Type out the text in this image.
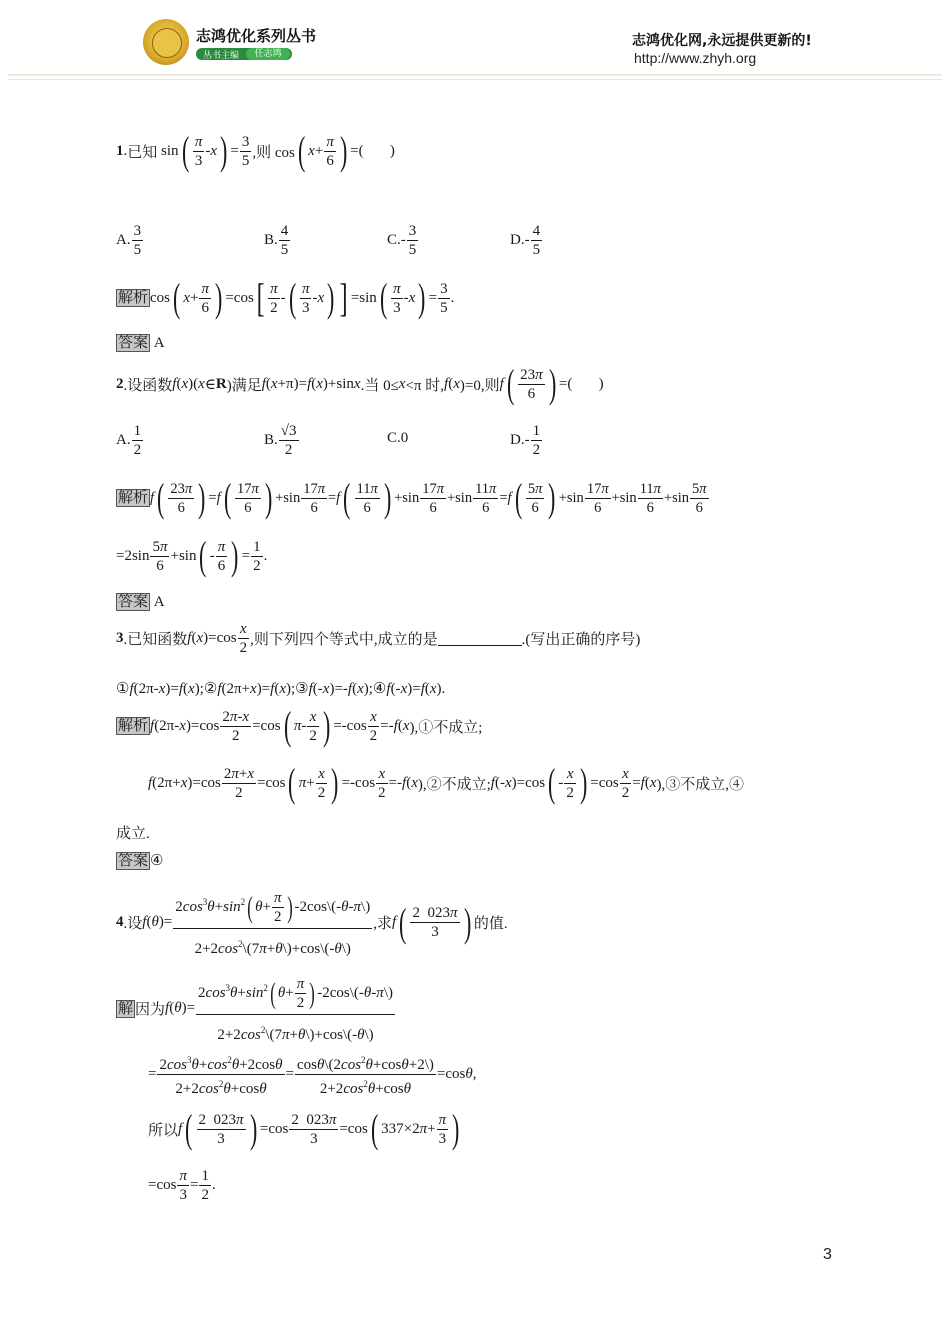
志鸿优化系列丛书
丛书主编	任志鸿
志鸿优化网,永远提供更新的!
http://www.zhyh.org
1 . 已知 sin ( π
3
- x ) =
3
5 ,则 cos ( x +
π
6 ) =(       )
A.
3
5
B.
4
5
C.-
3
5
D.-
4
5
解析 cos ( x +
π
6 ) =cos [ π
2
- ( π
3
- x ) ] =sin ( π
3
- x ) =
3
5
.
答案 A
2 .设函数 f ( x )( x ∈ R )满足 f ( x +π)= f ( x )+sin x .当 0≤ x <π 时, f ( x )=0,则 f ( 23π
6 ) =(       )
A.
1
2
B.
√3
2
C.0	D.-
1
2
解析 f ( 23π
6 ) = f ( 17π
6 ) +sin
17π
6
= f ( 11π
6 ) +sin
17π
6
+sin
11π
6
= f ( 5π
6 ) +sin
17π
6
+sin
11π
6
+sin
5π
6
=2sin
5π
6
+sin ( -
π
6 ) =
1
2
.
答案 A
3 .已知函数 f ( x )=cos
x
2 ,则下列四个等式中,成立的是	.(写出正确的序号)
①f(2π-x)=f(x);②f(2π+x)=f(x);③f(-x)=-f(x);④f(-x)=f(x).
解析 f (2π- x )=cos
2π-x
2
=cos ( π -
x
2 ) =-cos
x
2
=- f ( x ),①不成立;
f (2π+ x )=cos
2π+x
2
=cos ( π +
x
2 ) =-cos
x
2
=- f ( x ),②不成立; f (- x )=cos ( -
x
2 ) =cos
x
2
= f ( x ),③不成立,④
成立.
答案 ④
4 .设 f ( θ )=
$2\cos^3\theta+\sin^2$( $\theta+ \frac{\pi}{2}$ ) -2cos\(-θ-π\)
$2+2\cos^2\backslash(7\pi+\theta\backslash)+\cos\backslash(-\theta\backslash)$
,求 f ( 2  023π
3 ) 的值.
解 因为 f ( θ )=
$2\cos^3\theta+\sin^2$( $\theta+ \frac{\pi}{2}$ ) -2cos\(-θ-π\)
$2+2\cos^2\backslash(7\pi+\theta\backslash)+\cos\backslash(-\theta\backslash)$
=
$2\cos^3\theta+\cos^2\theta+2\cos\theta$
$2+2\cos^2\theta+\cos\theta$
=
$\cos\theta\backslash(2\cos^2\theta+\cos\theta+2\backslash)$
$2+2\cos^2\theta+\cos\theta$
=cos θ ,
所以 f ( 2  023π
3 ) =cos
2  023π
3
=cos ( 337×2 π +
π
3 )
=cos
π
3
=
1
2
.
3
